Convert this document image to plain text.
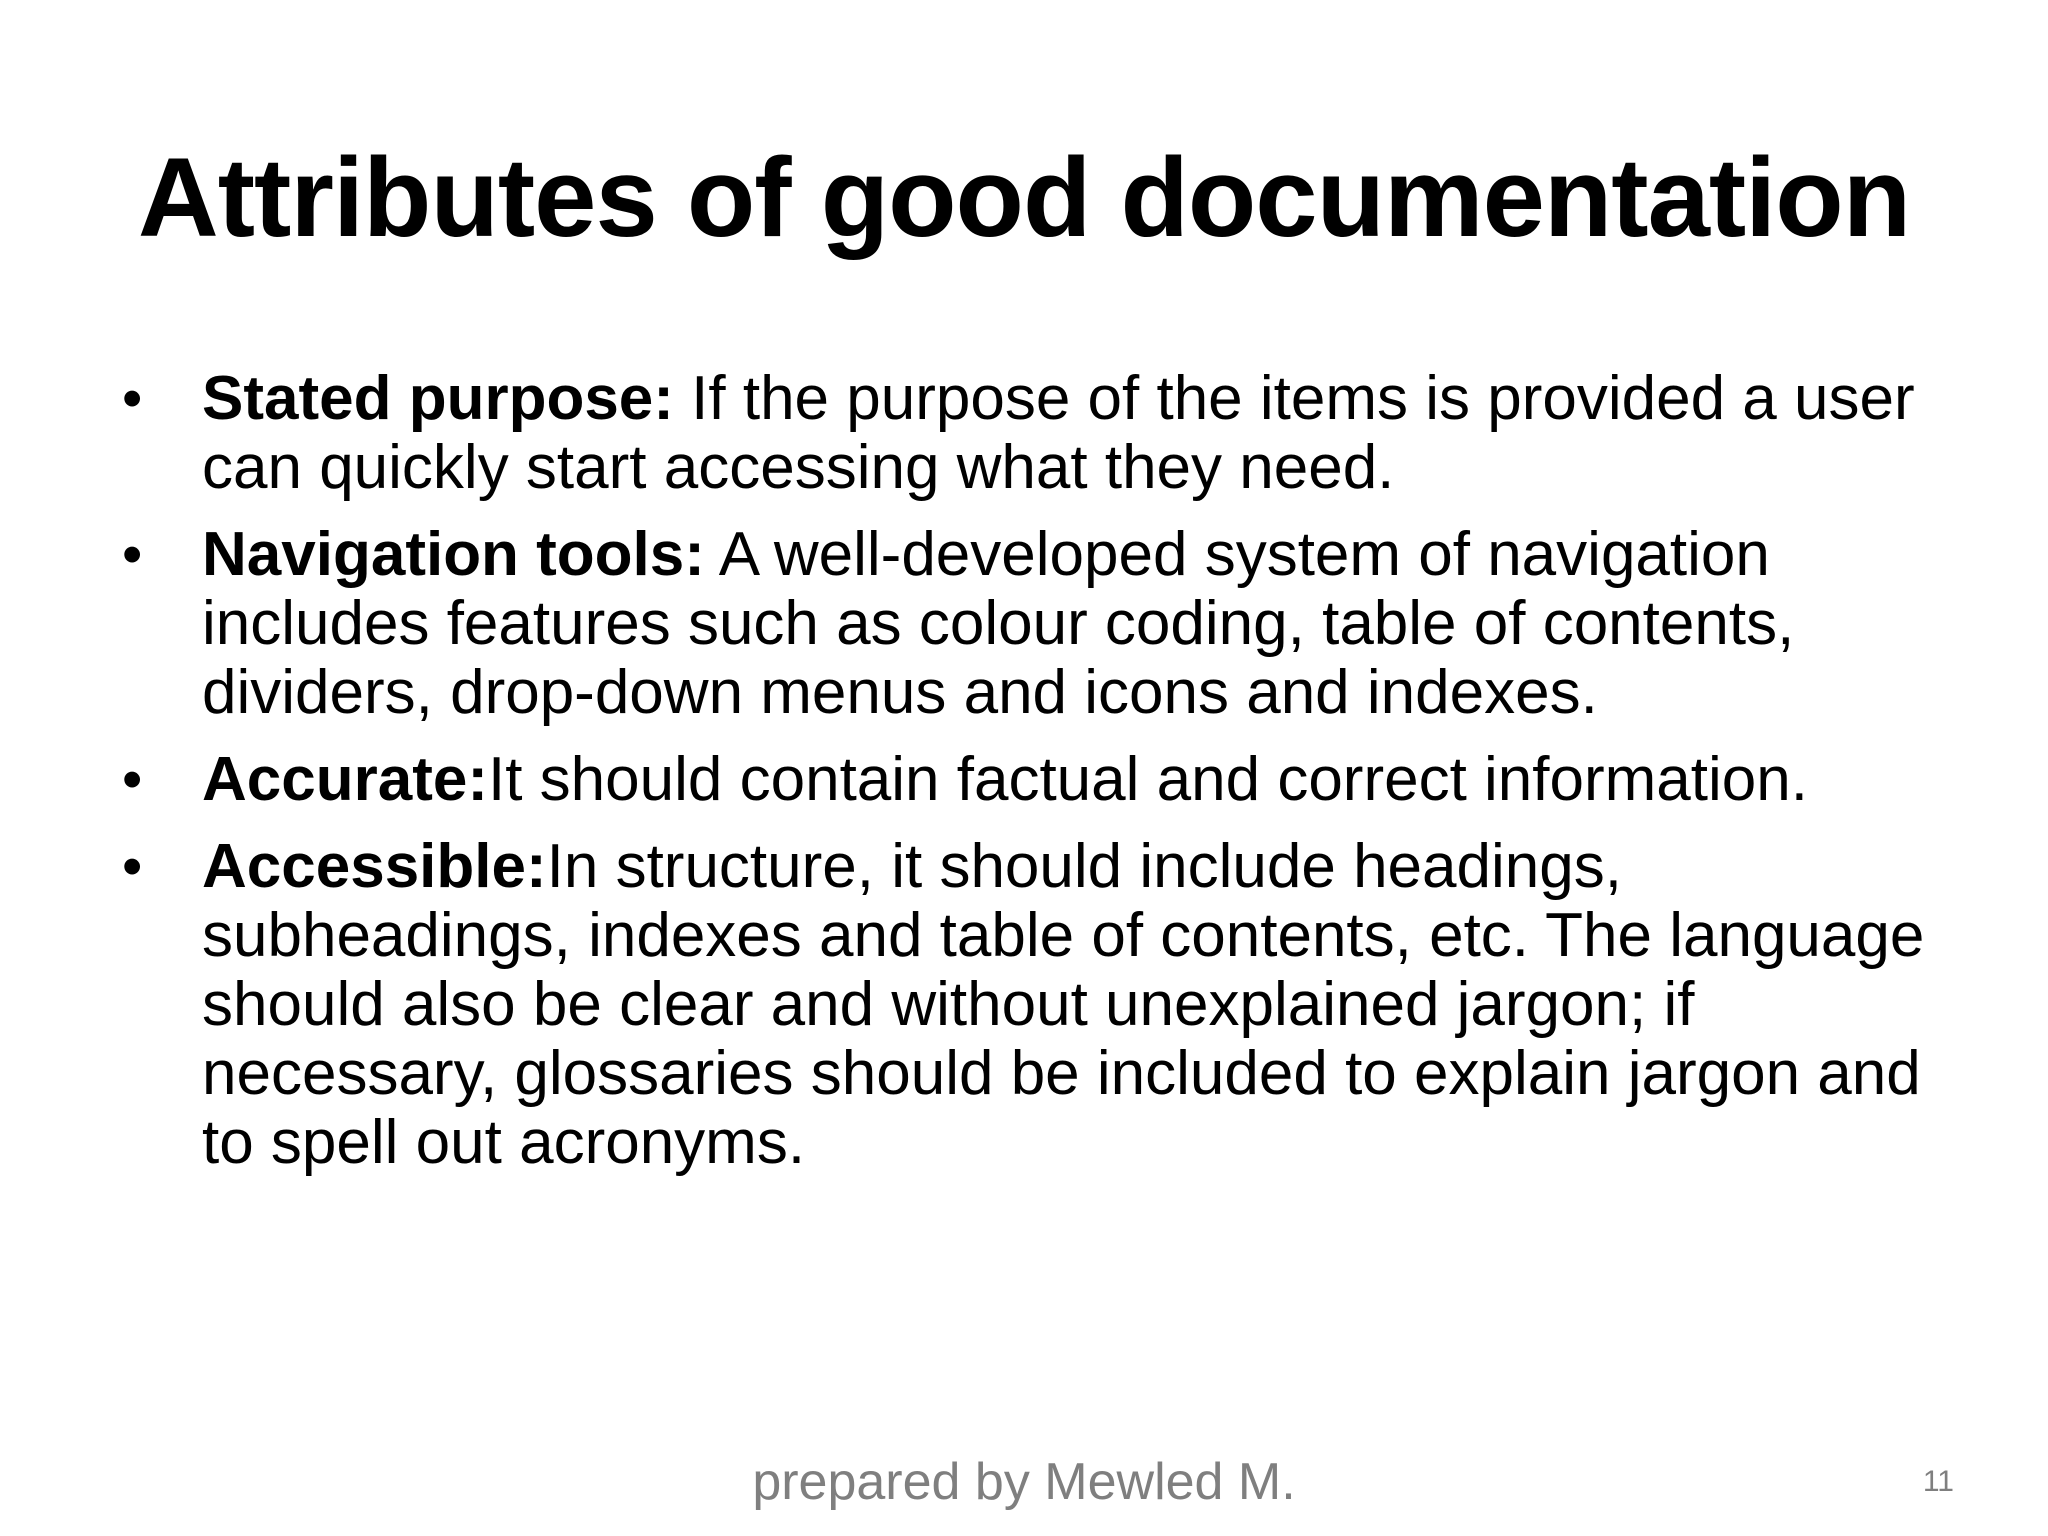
Attributes of good documentation
• Stated purpose: If the purpose of the items is provided a user can quickly start accessing what they need.
• Navigation tools: A well-developed system of navigation includes features such as colour coding, table of contents, dividers, drop-down menus and icons and indexes.
• Accurate:It should contain factual and correct information.
• Accessible:In structure, it should include headings, subheadings, indexes and table of contents, etc. The language should also be clear and without unexplained jargon; if necessary, glossaries should be included to explain jargon and to spell out acronyms.
prepared by Mewled M.	11
